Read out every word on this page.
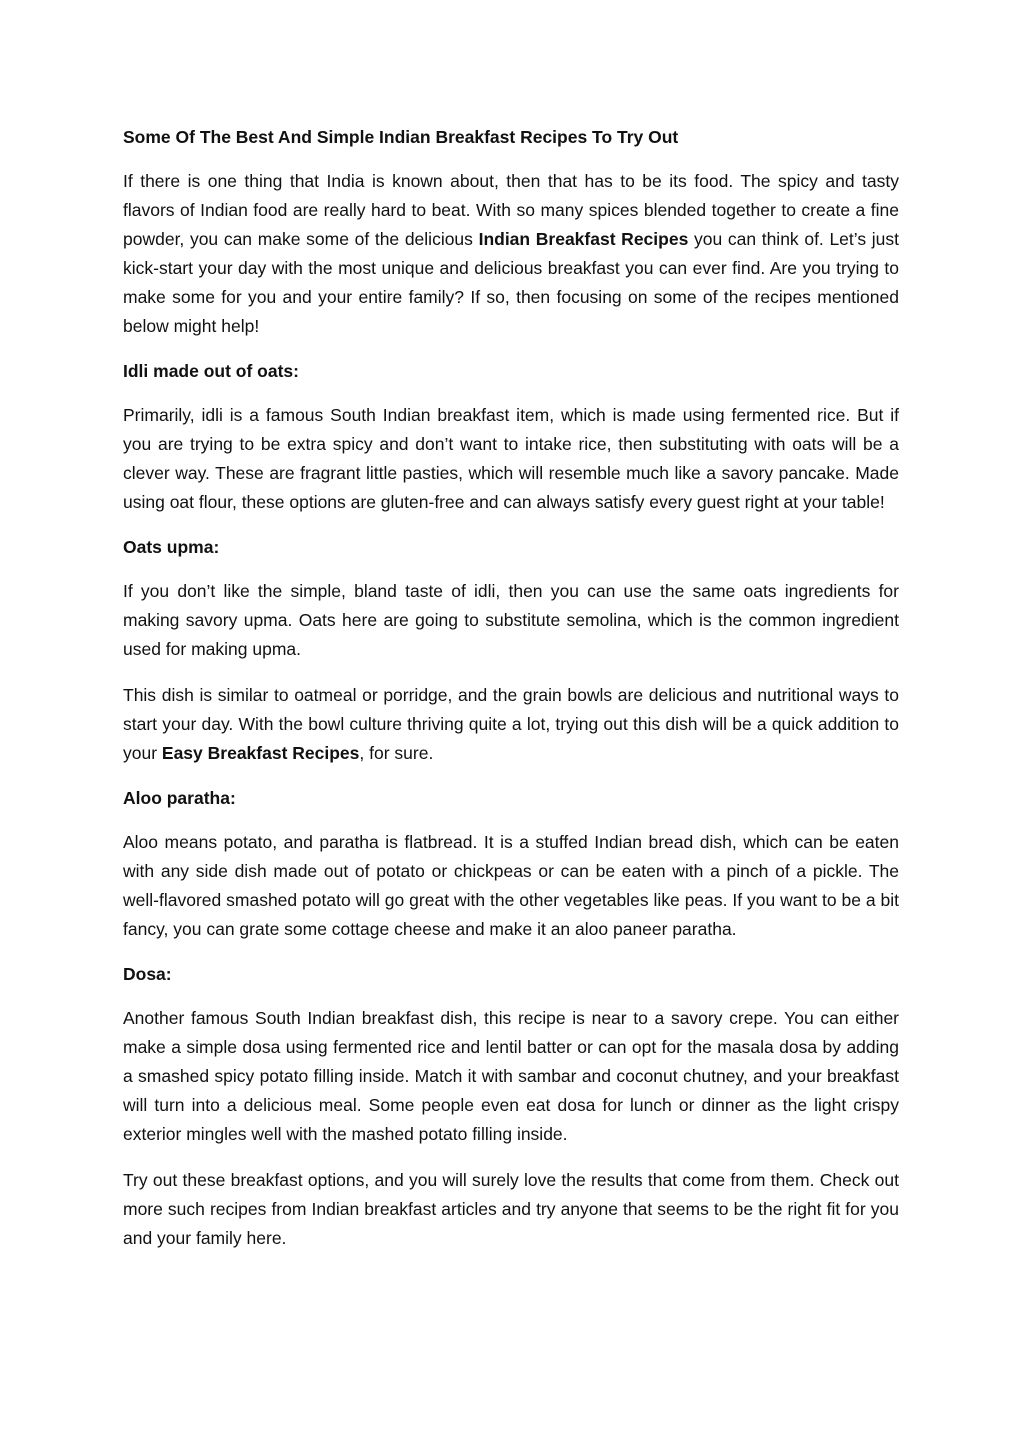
Some Of The Best And Simple Indian Breakfast Recipes To Try Out

If there is one thing that India is known about, then that has to be its food. The spicy and tasty flavors of Indian food are really hard to beat. With so many spices blended together to create a fine powder, you can make some of the delicious Indian Breakfast Recipes you can think of. Let’s just kick-start your day with the most unique and delicious breakfast you can ever find. Are you trying to make some for you and your entire family? If so, then focusing on some of the recipes mentioned below might help!

Idli made out of oats:

Primarily, idli is a famous South Indian breakfast item, which is made using fermented rice. But if you are trying to be extra spicy and don’t want to intake rice, then substituting with oats will be a clever way. These are fragrant little pasties, which will resemble much like a savory pancake. Made using oat flour, these options are gluten-free and can always satisfy every guest right at your table!

Oats upma:

If you don’t like the simple, bland taste of idli, then you can use the same oats ingredients for making savory upma. Oats here are going to substitute semolina, which is the common ingredient used for making upma.

This dish is similar to oatmeal or porridge, and the grain bowls are delicious and nutritional ways to start your day. With the bowl culture thriving quite a lot, trying out this dish will be a quick addition to your Easy Breakfast Recipes, for sure.

Aloo paratha:

Aloo means potato, and paratha is flatbread. It is a stuffed Indian bread dish, which can be eaten with any side dish made out of potato or chickpeas or can be eaten with a pinch of a pickle. The well-flavored smashed potato will go great with the other vegetables like peas. If you want to be a bit fancy, you can grate some cottage cheese and make it an aloo paneer paratha.

Dosa:

Another famous South Indian breakfast dish, this recipe is near to a savory crepe. You can either make a simple dosa using fermented rice and lentil batter or can opt for the masala dosa by adding a smashed spicy potato filling inside. Match it with sambar and coconut chutney, and your breakfast will turn into a delicious meal. Some people even eat dosa for lunch or dinner as the light crispy exterior mingles well with the mashed potato filling inside.

Try out these breakfast options, and you will surely love the results that come from them. Check out more such recipes from Indian breakfast articles and try anyone that seems to be the right fit for you and your family here.
